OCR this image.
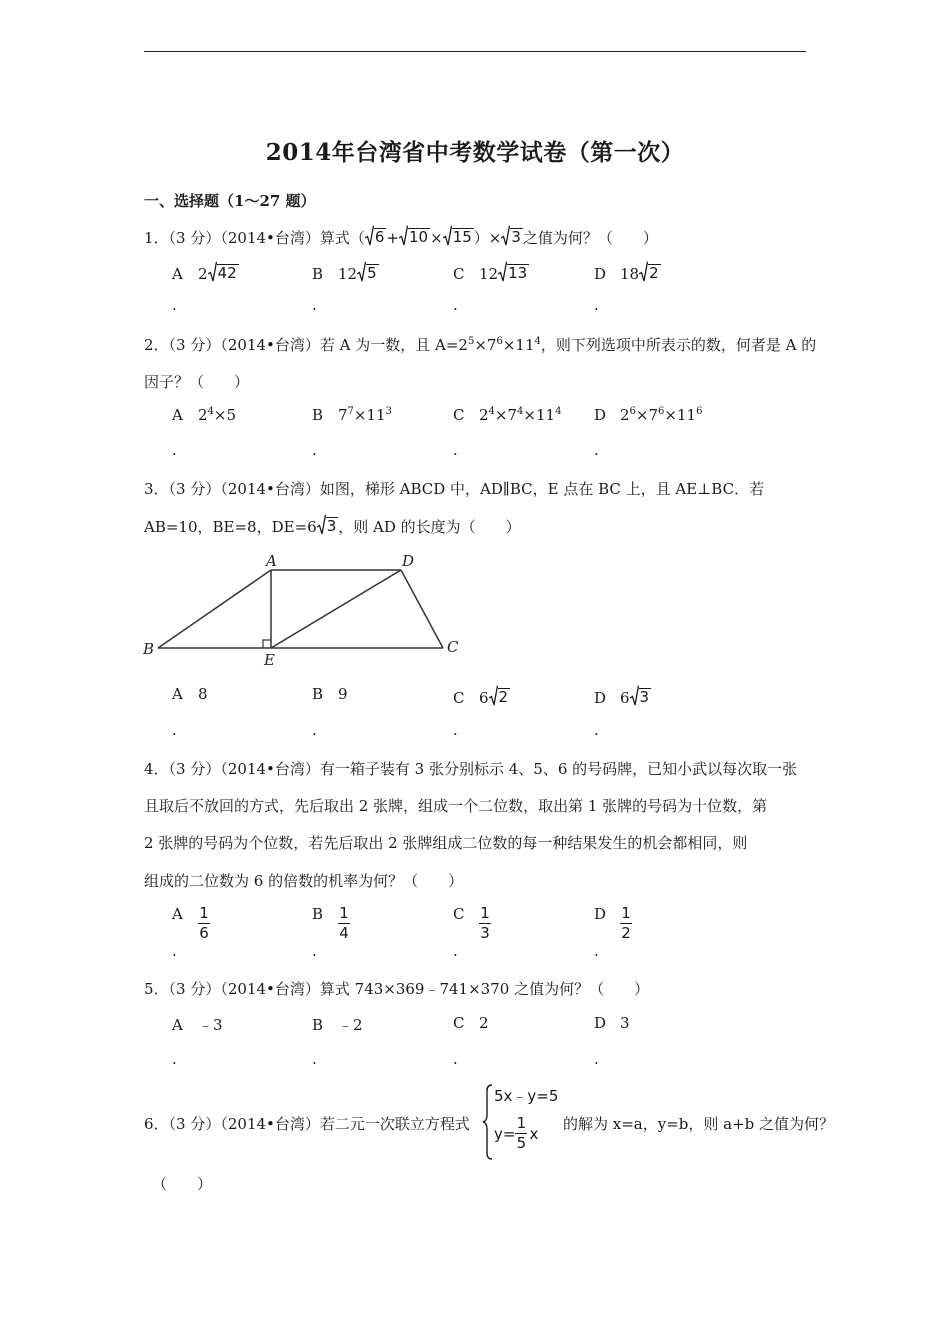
2014年台湾省中考数学试卷（第一次）
一、选择题（1～27 题）
1．（3 分）（2014•台湾）算式（ 6 + 10 × 15 ）× 3 之值为何？（　　）
A 2 42	B 12 5	C 12 13	D 18 2
.	.	.	.
2．（3 分）（2014•台湾）若 A 为一数，且 $A=2^5\times 7^6\times 11^4$，则下列选项中所表示的数，何者是 A 的
因子？（　　）
A $2^4\times 5$	B $7^7\times 11^3$	C $2^4\times 7^4\times 11^4$ D $2^6\times 7^6\times 11^6$
.	.	.	.
3．（3 分）（2014•台湾）如图，梯形 ABCD 中，AD∥BC，E 点在 BC 上，且 AE⊥BC．若
AB=10，BE=8，DE=6 3 ，则 AD 的长度为（　　）
A	D
B
E
C
A 8	B 9	C 6 2	D 6 3
.	.	.	.
4．（3 分）（2014•台湾）有一箱子装有 3 张分别标示 4、5、6 的号码牌，已知小武以每次取一张
且取后不放回的方式，先后取出 2 张牌，组成一个二位数，取出第 1 张牌的号码为十位数，第
2 张牌的号码为个位数，若先后取出 2 张牌组成二位数的每一种结果发生的机会都相同，则
组成的二位数为 6 的倍数的机率为何？（　　）
A $\frac{1}{6}$	B $\frac{1}{4}$	C $\frac{1}{3}$	D $\frac{1}{2}$
.	.	.	.
5．（3 分）（2014•台湾）算式 743×369﹣741×370 之值为何？（　　）
A ﹣3	B ﹣2	C 2	D 3
.	.	.	.
6．（3 分）（2014•台湾）若二元一次联立方程式
5x﹣y=5
$y= \frac{1}{5}$ x
的解为 x=a，y=b，则 a+b 之值为何？
（　　）
